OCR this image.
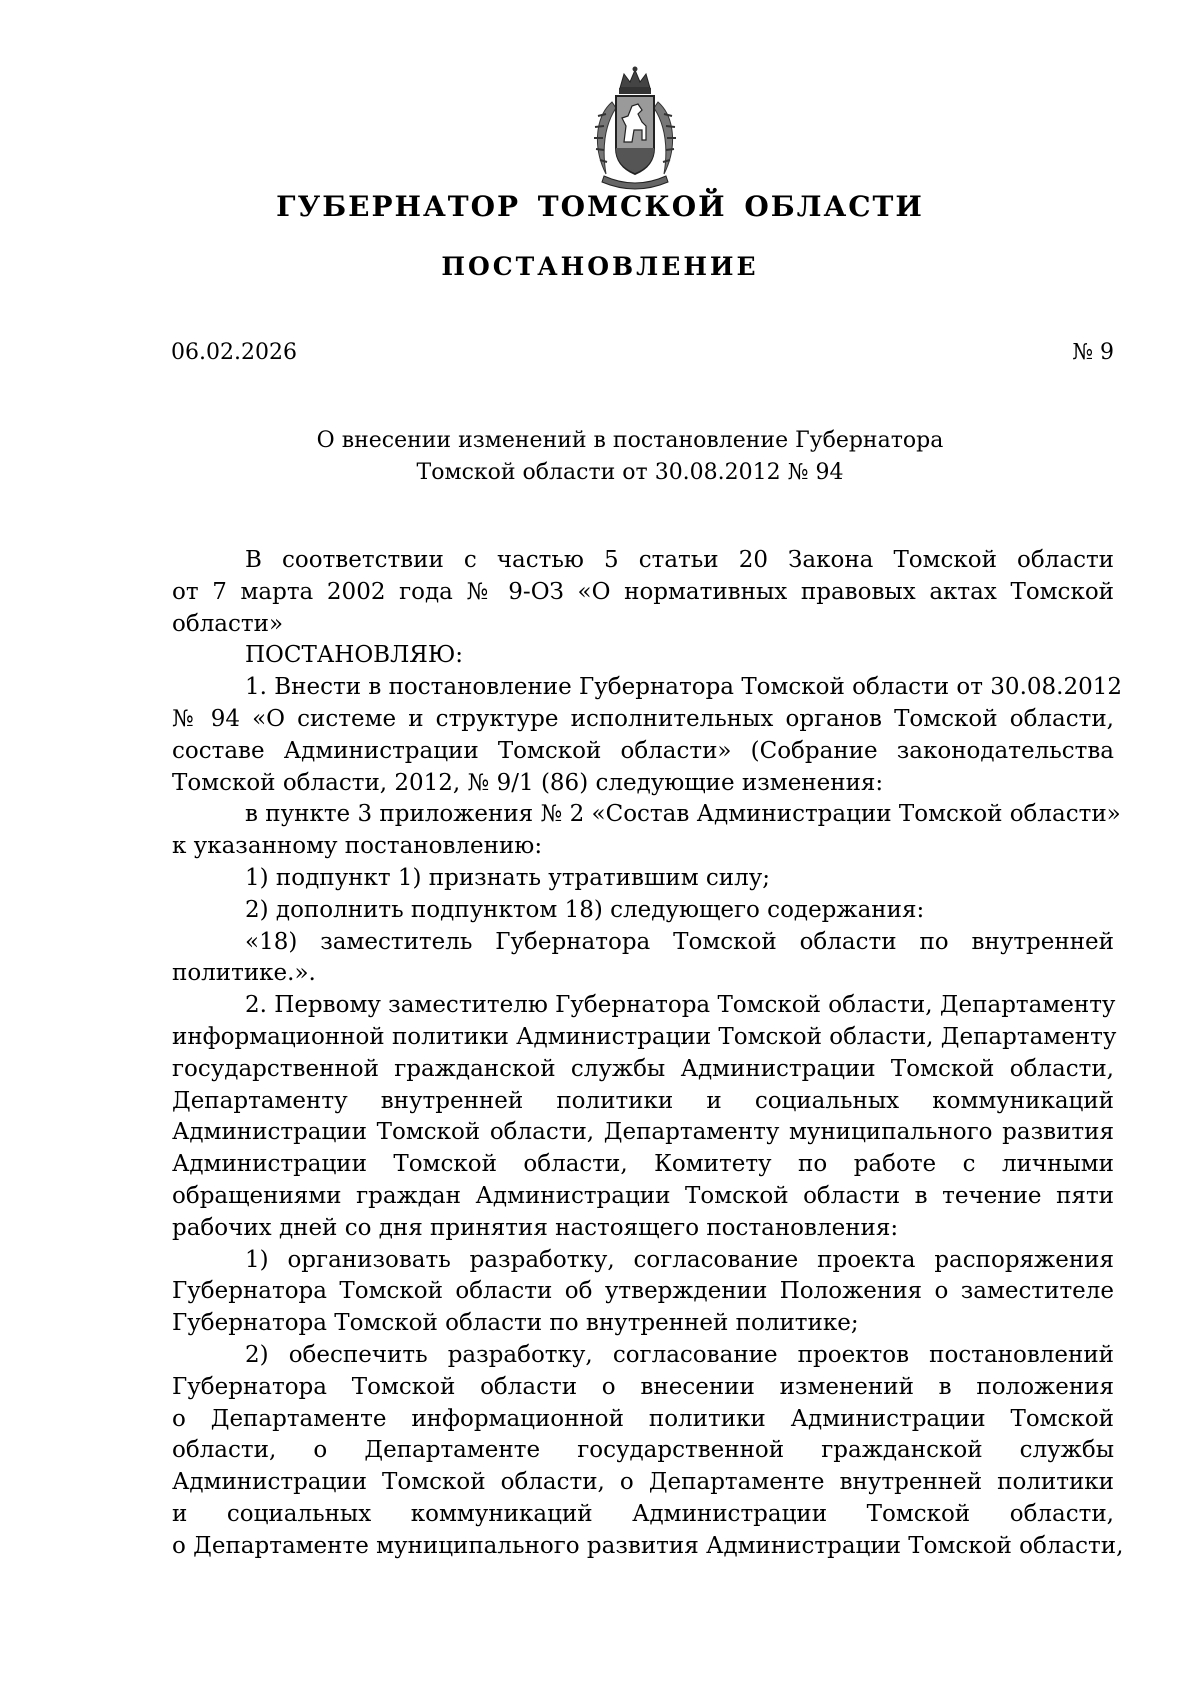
ГУБЕРНАТОР ТОМСКОЙ ОБЛАСТИ
ПОСТАНОВЛЕНИЕ
06.02.2026	№ 9
О внесении изменений в постановление Губернатора
Томской области от 30.08.2012 № 94
В соответствии с частью 5 статьи 20 Закона Томской области
от 7 марта 2002 года № 9-ОЗ «О нормативных правовых актах Томской
области»
ПОСТАНОВЛЯЮ:
1. Внести в постановление Губернатора Томской области от 30.08.2012
№ 94 «О системе и структуре исполнительных органов Томской области,
составе Администрации Томской области» (Собрание законодательства
Томской области, 2012, № 9/1 (86) следующие изменения:
в пункте 3 приложения № 2 «Состав Администрации Томской области»
к указанному постановлению:
1) подпункт 1) признать утратившим силу;
2) дополнить подпунктом 18) следующего содержания:
«18) заместитель Губернатора Томской области по внутренней
политике.».
2. Первому заместителю Губернатора Томской области, Департаменту
информационной политики Администрации Томской области, Департаменту
государственной гражданской службы Администрации Томской области,
Департаменту внутренней политики и социальных коммуникаций
Администрации Томской области, Департаменту муниципального развития
Администрации Томской области, Комитету по работе с личными
обращениями граждан Администрации Томской области в течение пяти
рабочих дней со дня принятия настоящего постановления:
1) организовать разработку, согласование проекта распоряжения
Губернатора Томской области об утверждении Положения о заместителе
Губернатора Томской области по внутренней политике;
2) обеспечить разработку, согласование проектов постановлений
Губернатора Томской области о внесении изменений в положения
о Департаменте информационной политики Администрации Томской
области, о Департаменте государственной гражданской службы
Администрации Томской области, о Департаменте внутренней политики
и социальных коммуникаций Администрации Томской области,
о Департаменте муниципального развития Администрации Томской области,
